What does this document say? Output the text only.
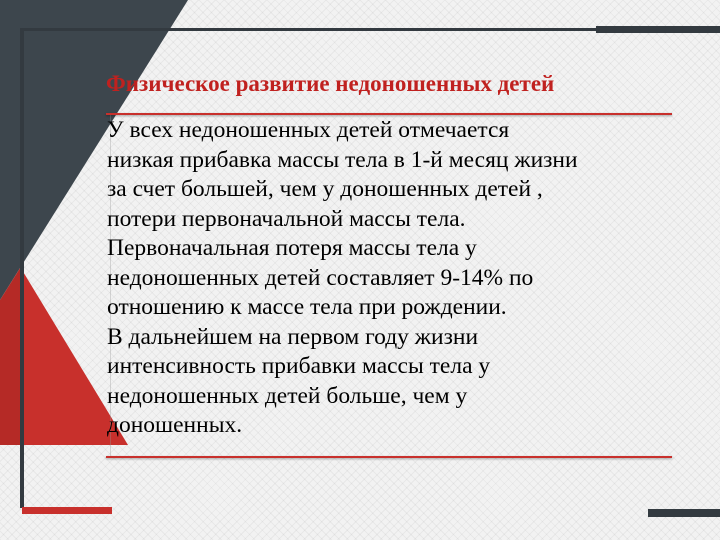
Физическое развитие недоношенных детей

У всех недоношенных детей отмечается
низкая прибавка массы тела в 1-й месяц жизни
за счет большей, чем у доношенных детей ,
потери первоначальной массы тела.

Первоначальная потеря массы тела у
недоношенных детей составляет 9-14% по
отношению к массе тела при рождении.

В дальнейшем на первом году жизни
интенсивность прибавки массы тела у
недоношенных детей больше, чем у
доношенных.
